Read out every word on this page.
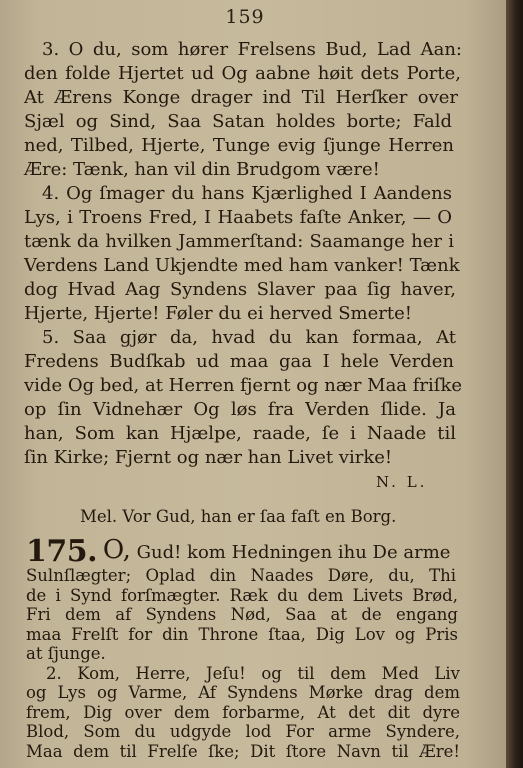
159
3. O du, som hører Frelsens Bud, Lad Aan:
den folde Hjertet ud Og aabne høit dets Porte,
At Ærens Konge drager ind Til Herſker over
Sjæl og Sind, Saa Satan holdes borte; Fald
ned, Tilbed, Hjerte, Tunge evig ſjunge Herren
Ære: Tænk, han vil din Brudgom være!
4. Og ſmager du hans Kjærlighed I Aandens
Lys, i Troens Fred, I Haabets faſte Anker, — O
tænk da hvilken Jammerſtand: Saamange her i
Verdens Land Ukjendte med ham vanker! Tænk
dog Hvad Aag Syndens Slaver paa ſig haver,
Hjerte, Hjerte! Føler du ei herved Smerte!
5. Saa gjør da, hvad du kan formaa, At
Fredens Budſkab ud maa gaa I hele Verden
vide Og bed, at Herren fjernt og nær Maa friſke
op ſin Vidnehær Og løs fra Verden ſlide. Ja
han, Som kan Hjælpe, raade, ſe i Naade til
ſin Kirke; Fjernt og nær han Livet virke!
N. L.
Mel. Vor Gud, han er ſaa faſt en Borg.
175. O, Gud! kom Hedningen ihu De arme
Sulnſlægter; Oplad din Naades Døre, du, Thi
de i Synd forſmægter. Ræk du dem Livets Brød,
Fri dem af Syndens Nød, Saa at de engang
maa Frelſt for din Throne ſtaa, Dig Lov og Pris
at ſjunge.
2. Kom, Herre, Jeſu! og til dem Med Liv
og Lys og Varme, Af Syndens Mørke drag dem
frem, Dig over dem forbarme, At det dit dyre
Blod, Som du udgyde lod For arme Syndere,
Maa dem til Frelſe ſke; Dit ſtore Navn til Ære!
